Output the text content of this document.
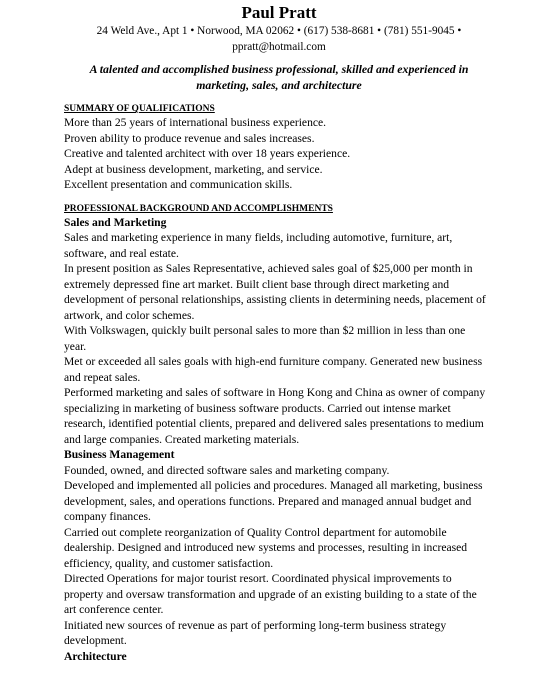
Paul Pratt
24 Weld Ave., Apt 1 • Norwood, MA 02062 • (617) 538-8681 • (781) 551-9045 •
ppratt@hotmail.com
A talented and accomplished business professional, skilled and experienced in
marketing, sales, and architecture
SUMMARY OF QUALIFICATIONS
More than 25 years of international business experience.
Proven ability to produce revenue and sales increases.
Creative and talented architect with over 18 years experience.
Adept at business development, marketing, and service.
Excellent presentation and communication skills.
PROFESSIONAL BACKGROUND AND ACCOMPLISHMENTS
Sales and Marketing
Sales and marketing experience in many fields, including automotive, furniture, art,
software, and real estate.
In present position as Sales Representative, achieved sales goal of $25,000 per month in
extremely depressed fine art market. Built client base through direct marketing and
development of personal relationships, assisting clients in determining needs, placement of
artwork, and color schemes.
With Volkswagen, quickly built personal sales to more than $2 million in less than one
year.
Met or exceeded all sales goals with high-end furniture company. Generated new business
and repeat sales.
Performed marketing and sales of software in Hong Kong and China as owner of company
specializing in marketing of business software products. Carried out intense market
research, identified potential clients, prepared and delivered sales presentations to medium
and large companies. Created marketing materials.
Business Management
Founded, owned, and directed software sales and marketing company.
Developed and implemented all policies and procedures. Managed all marketing, business
development, sales, and operations functions. Prepared and managed annual budget and
company finances.
Carried out complete reorganization of Quality Control department for automobile
dealership. Designed and introduced new systems and processes, resulting in increased
efficiency, quality, and customer satisfaction.
Directed Operations for major tourist resort. Coordinated physical improvements to
property and oversaw transformation and upgrade of an existing building to a state of the
art conference center.
Initiated new sources of revenue as part of performing long-term business strategy
development.
Architecture
